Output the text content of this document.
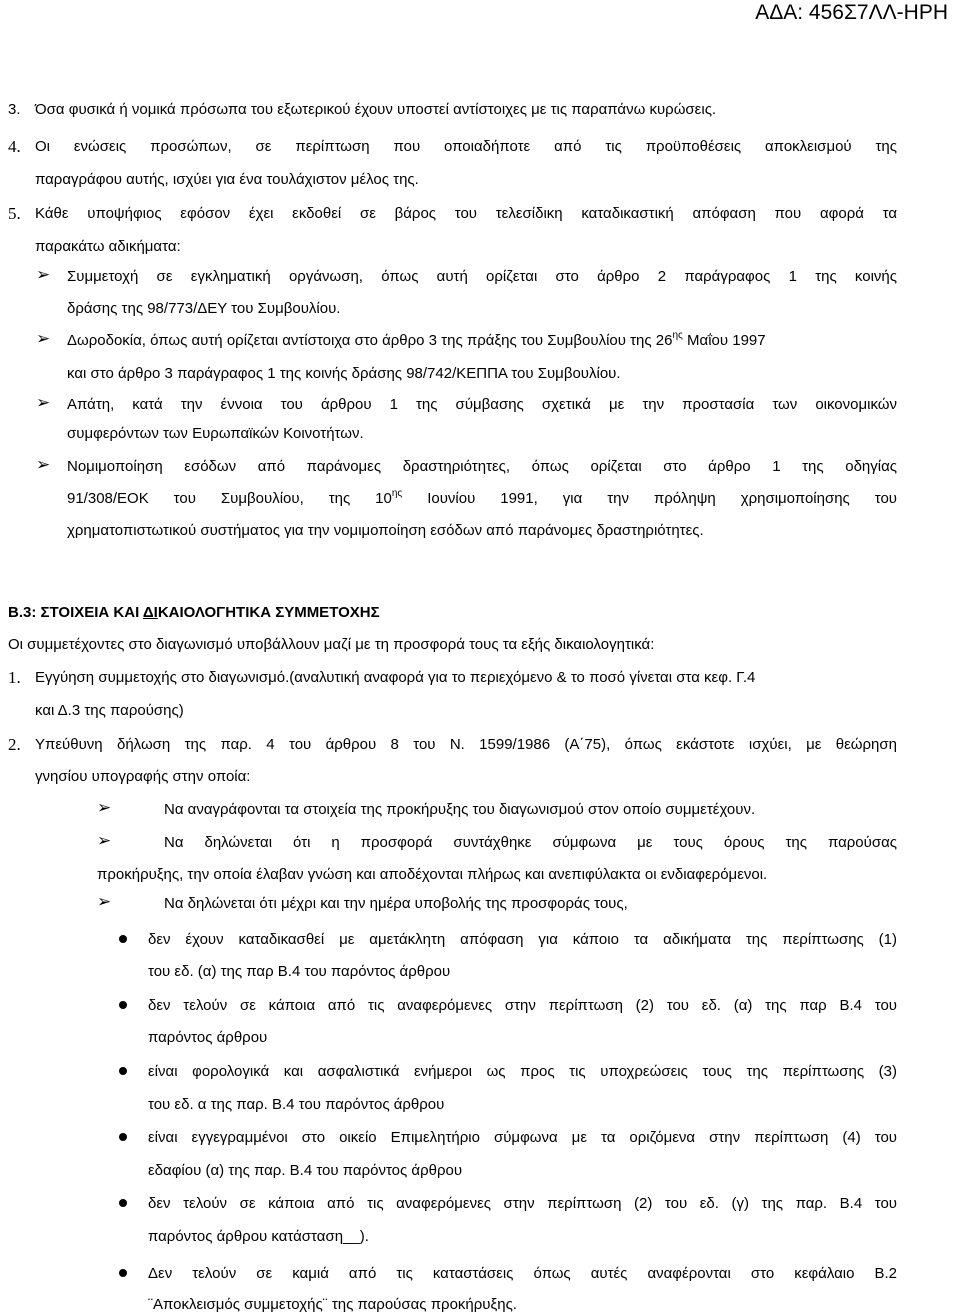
ΑΔΑ: 456Σ7ΛΛ-ΗΡΗ
3. Όσα φυσικά ή νομικά πρόσωπα του εξωτερικού έχουν υποστεί αντίστοιχες με τις παραπάνω κυρώσεις.
4. Οι ενώσεις προσώπων, σε περίπτωση που οποιαδήποτε από τις προϋποθέσεις αποκλεισμού της
παραγράφου αυτής, ισχύει για ένα τουλάχιστον μέλος της.
5. Κάθε υποψήφιος εφόσον έχει εκδοθεί σε βάρος του τελεσίδικη καταδικαστική απόφαση που αφορά τα
παρακάτω αδικήματα:
➢ Συμμετοχή σε εγκληματική οργάνωση, όπως αυτή ορίζεται στο άρθρο 2 παράγραφος 1 της κοινής
δράσης της 98/773/ΔΕΥ του Συμβουλίου.
➢ Δωροδοκία, όπως αυτή ορίζεται αντίστοιχα στο άρθρο 3 της πράξης του Συμβουλίου της $26^{\eta\varsigma}$ Μαΐου 1997
και στο άρθρο 3 παράγραφος 1 της κοινής δράσης 98/742/ΚΕΠΠΑ του Συμβουλίου.
➢ Απάτη, κατά την έννοια του άρθρου 1 της σύμβασης σχετικά με την προστασία των οικονομικών
συμφερόντων των Ευρωπαϊκών Κοινοτήτων.
➢ Νομιμοποίηση εσόδων από παράνομες δραστηριότητες, όπως ορίζεται στο άρθρο 1 της οδηγίας
91/308/ΕΟΚ του Συμβουλίου, της $10^{\eta\varsigma}$ Ιουνίου 1991, για την πρόληψη χρησιμοποίησης του
χρηματοπιστωτικού συστήματος για την νομιμοποίηση εσόδων από παράνομες δραστηριότητες.
Β.3: ΣΤΟΙΧΕΙΑ ΚΑΙ ΔΙΚΑΙΟΛΟΓΗΤΙΚΑ ΣΥΜΜΕΤΟΧΗΣ
Οι συμμετέχοντες στο διαγωνισμό υποβάλλουν μαζί με τη προσφορά τους τα εξής δικαιολογητικά:
1. Εγγύηση συμμετοχής στο διαγωνισμό.(αναλυτική αναφορά για το περιεχόμενο & το ποσό γίνεται στα κεφ. Γ.4
και Δ.3 της παρούσης)
2. Υπεύθυνη δήλωση της παρ. 4 του άρθρου 8 του Ν. 1599/1986 (Α΄75), όπως εκάστοτε ισχύει, με θεώρηση
γνησίου υπογραφής στην οποία:
➢	Να αναγράφονται τα στοιχεία της προκήρυξης του διαγωνισμού στον οποίο συμμετέχουν.
➢	Να δηλώνεται ότι η προσφορά συντάχθηκε σύμφωνα με τους όρους της παρούσας
προκήρυξης, την οποία έλαβαν γνώση και αποδέχονται πλήρως και ανεπιφύλακτα οι ενδιαφερόμενοι.
➢	Να δηλώνεται ότι μέχρι και την ημέρα υποβολής της προσφοράς τους,
δεν έχουν καταδικασθεί με αμετάκλητη απόφαση για κάποιο τα αδικήματα της περίπτωσης (1)
του εδ. (α) της παρ Β.4 του παρόντος άρθρου
δεν τελούν σε κάποια από τις αναφερόμενες στην περίπτωση (2) του εδ. (α) της παρ Β.4 του
παρόντος άρθρου
είναι φορολογικά και ασφαλιστικά ενήμεροι ως προς τις υποχρεώσεις τους της περίπτωσης (3)
του εδ. α της παρ. Β.4 του παρόντος άρθρου
είναι εγγεγραμμένοι στο οικείο Επιμελητήριο σύμφωνα με τα οριζόμενα στην περίπτωση (4) του
εδαφίου (α) της παρ. Β.4 του παρόντος άρθρου
δεν τελούν σε κάποια από τις αναφερόμενες στην περίπτωση (2) του εδ. (γ) της παρ. Β.4 του
παρόντος άρθρου κατάσταση__).
Δεν τελούν σε καμιά από τις καταστάσεις όπως αυτές αναφέρονται στο κεφάλαιο Β.2
¨Αποκλεισμός συμμετοχής¨ της παρούσας προκήρυξης.
